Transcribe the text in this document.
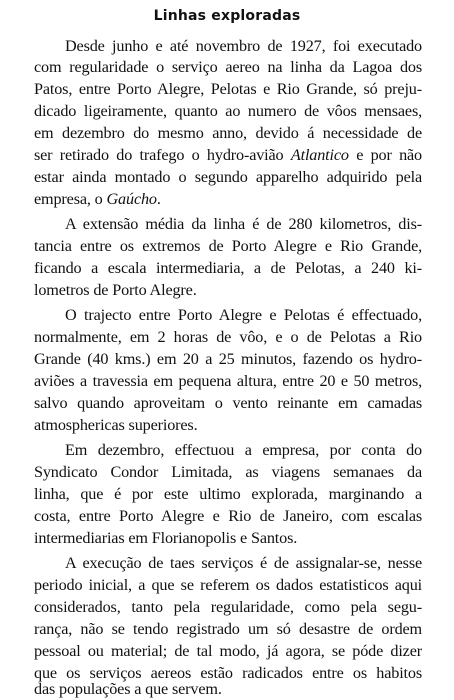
Linhas exploradas
Desde junho e até novembro de 1927, foi executado
com regularidade o serviço aereo na linha da Lagoa dos
Patos, entre Porto Alegre, Pelotas e Rio Grande, só preju-
dicado ligeiramente, quanto ao numero de vôos mensaes,
em dezembro do mesmo anno, devido á necessidade de
ser retirado do trafego o hydro-avião Atlantico e por não
estar ainda montado o segundo apparelho adquirido pela
empresa, o Gaúcho.
A extensão média da linha é de 280 kilometros, dis-
tancia entre os extremos de Porto Alegre e Rio Grande,
ficando a escala intermediaria, a de Pelotas, a 240 ki-
lometros de Porto Alegre.
O trajecto entre Porto Alegre e Pelotas é effectuado,
normalmente, em 2 horas de vôo, e o de Pelotas a Rio
Grande (40 kms.) em 20 a 25 minutos, fazendo os hydro-
aviões a travessia em pequena altura, entre 20 e 50 metros,
salvo quando aproveitam o vento reinante em camadas
atmosphericas superiores.
Em dezembro, effectuou a empresa, por conta do
Syndicato Condor Limitada, as viagens semanaes da
linha, que é por este ultimo explorada, marginando a
costa, entre Porto Alegre e Rio de Janeiro, com escalas
intermediarias em Florianopolis e Santos.
A execução de taes serviços é de assignalar-se, nesse
periodo inicial, a que se referem os dados estatisticos aqui
considerados, tanto pela regularidade, como pela segu-
rança, não se tendo registrado um só desastre de ordem
pessoal ou material; de tal modo, já agora, se póde dizer
que os serviços aereos estão radicados entre os habitos
das populações a que servem.
